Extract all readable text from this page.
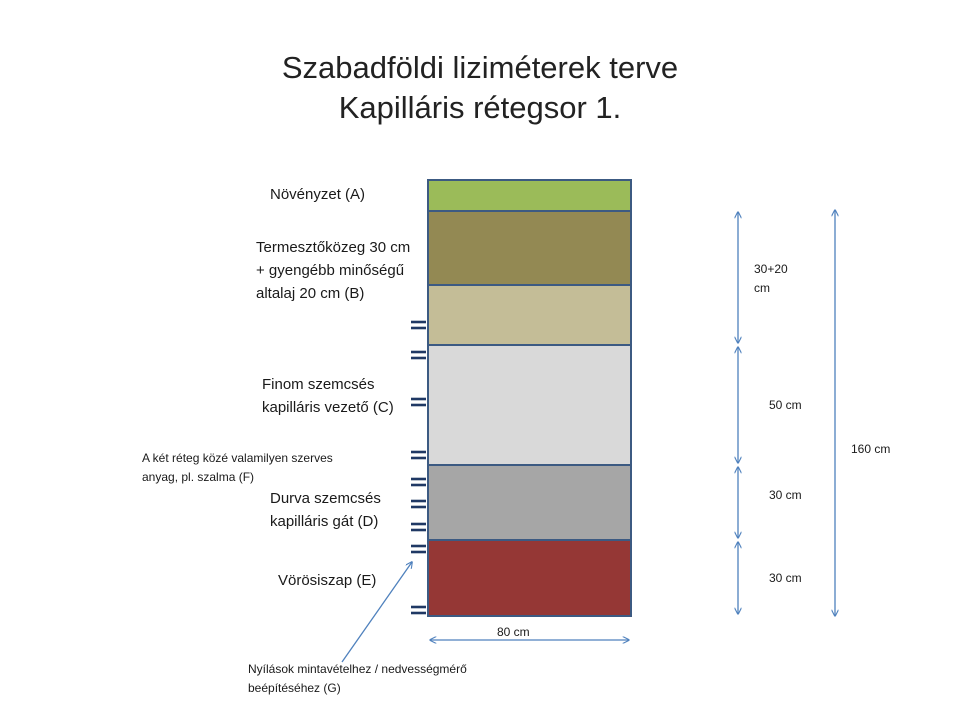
Szabadföldi liziméterek terve
Kapilláris rétegsor 1.
Növényzet (A)
Termesztőközeg 30 cm + gyengébb minőségű altalaj 20 cm (B)
Finom szemcsés kapilláris vezető (C)
A két réteg közé valamilyen szerves anyag, pl. szalma (F)
Durva szemcsés kapilláris gát (D)
Vörösiszap (E)
Nyílások mintavételhez / nedvességmérő beépítéséhez (G)
80 cm
30+20 cm
50 cm
30 cm
30 cm
160 cm
